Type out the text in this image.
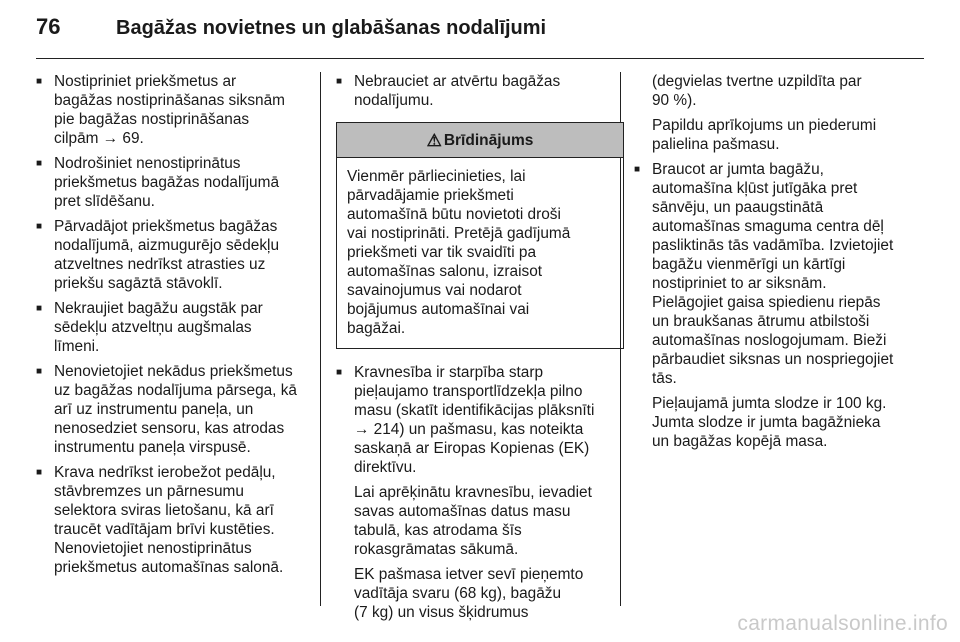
76	Bagāžas novietnes un glabāšanas nodalījumi
■ Nostipriniet priekšmetus ar
bagāžas nostiprināšanas siksnām
pie bagāžas nostiprināšanas
cilpām → 69.
■ Nodrošiniet nenostiprinātus
priekšmetus bagāžas nodalījumā
pret slīdēšanu.
■ Pārvadājot priekšmetus bagāžas
nodalījumā, aizmugurējo sēdekļu
atzveltnes nedrīkst atrasties uz
priekšu sagāztā stāvoklī.
■ Nekraujiet bagāžu augstāk par
sēdekļu atzveltņu augšmalas
līmeni.
■ Nenovietojiet nekādus priekšmetus
uz bagāžas nodalījuma pārsega, kā
arī uz instrumentu paneļa, un
nenosedziet sensoru, kas atrodas
instrumentu paneļa virspusē.
■ Krava nedrīkst ierobežot pedāļu,
stāvbremzes un pārnesumu
selektora sviras lietošanu, kā arī
traucēt vadītājam brīvi kustēties.
Nenovietojiet nenostiprinātus
priekšmetus automašīnas salonā.
■ Nebrauciet ar atvērtu bagāžas
nodalījumu.
⚠ Brīdinājums
Vienmēr pārliecinieties, lai
pārvadājamie priekšmeti
automašīnā būtu novietoti droši
vai nostiprināti. Pretējā gadījumā
priekšmeti var tik svaidīti pa
automašīnas salonu, izraisot
savainojumus vai nodarot
bojājumus automašīnai vai
bagāžai.
■ Kravnesība ir starpība starp
pieļaujamo transportlīdzekļa pilno
masu (skatīt identifikācijas plāksnīti
→ 214) un pašmasu, kas noteikta
saskaņā ar Eiropas Kopienas (EK)
direktīvu.

Lai aprēķinātu kravnesību, ievadiet
savas automašīnas datus masu
tabulā, kas atrodama šīs
rokasgrāmatas sākumā.

EK pašmasa ietver sevī pieņemto
vadītāja svaru (68 kg), bagāžu
(7 kg) un visus šķidrumus

(degvielas tvertne uzpildīta par
90 %).

Papildu aprīkojums un piederumi
palielina pašmasu.

■ Braucot ar jumta bagāžu,
automašīna kļūst jutīgāka pret
sānvēju, un paaugstinātā
automašīnas smaguma centra dēļ
pasliktinās tās vadāmība. Izvietojiet
bagāžu vienmērīgi un kārtīgi
nostipriniet to ar siksnām.
Pielāgojiet gaisa spiedienu riepās
un braukšanas ātrumu atbilstoši
automašīnas noslogojumam. Bieži
pārbaudiet siksnas un nospriegojiet
tās.

Pieļaujamā jumta slodze ir 100 kg.
Jumta slodze ir jumta bagāžnieka
un bagāžas kopējā masa.

carmanualsonline.info
